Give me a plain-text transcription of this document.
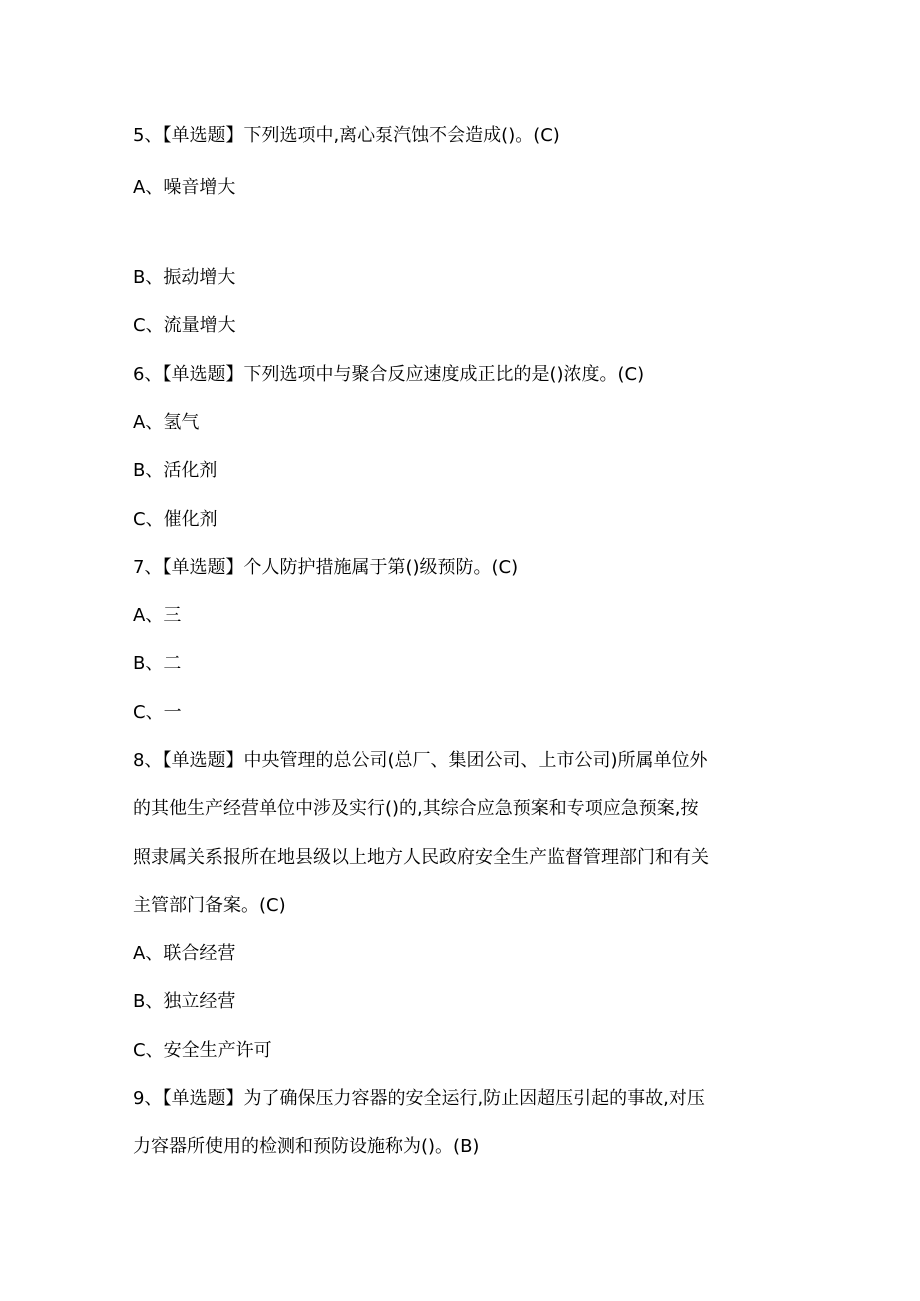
5、【单选题】下列选项中,离心泵汽蚀不会造成()。(C)
A、噪音增大
B、振动增大
C、流量增大
6、【单选题】下列选项中与聚合反应速度成正比的是()浓度。(C)
A、氢气
B、活化剂
C、催化剂
7、【单选题】个人防护措施属于第()级预防。(C)
A、三
B、二
C、一
8、【单选题】中央管理的总公司(总厂、集团公司、上市公司)所属单位外
的其他生产经营单位中涉及实行()的,其综合应急预案和专项应急预案,按
照隶属关系报所在地县级以上地方人民政府安全生产监督管理部门和有关
主管部门备案。(C)
A、联合经营
B、独立经营
C、安全生产许可
9、【单选题】为了确保压力容器的安全运行,防止因超压引起的事故,对压
力容器所使用的检测和预防设施称为()。(B)
